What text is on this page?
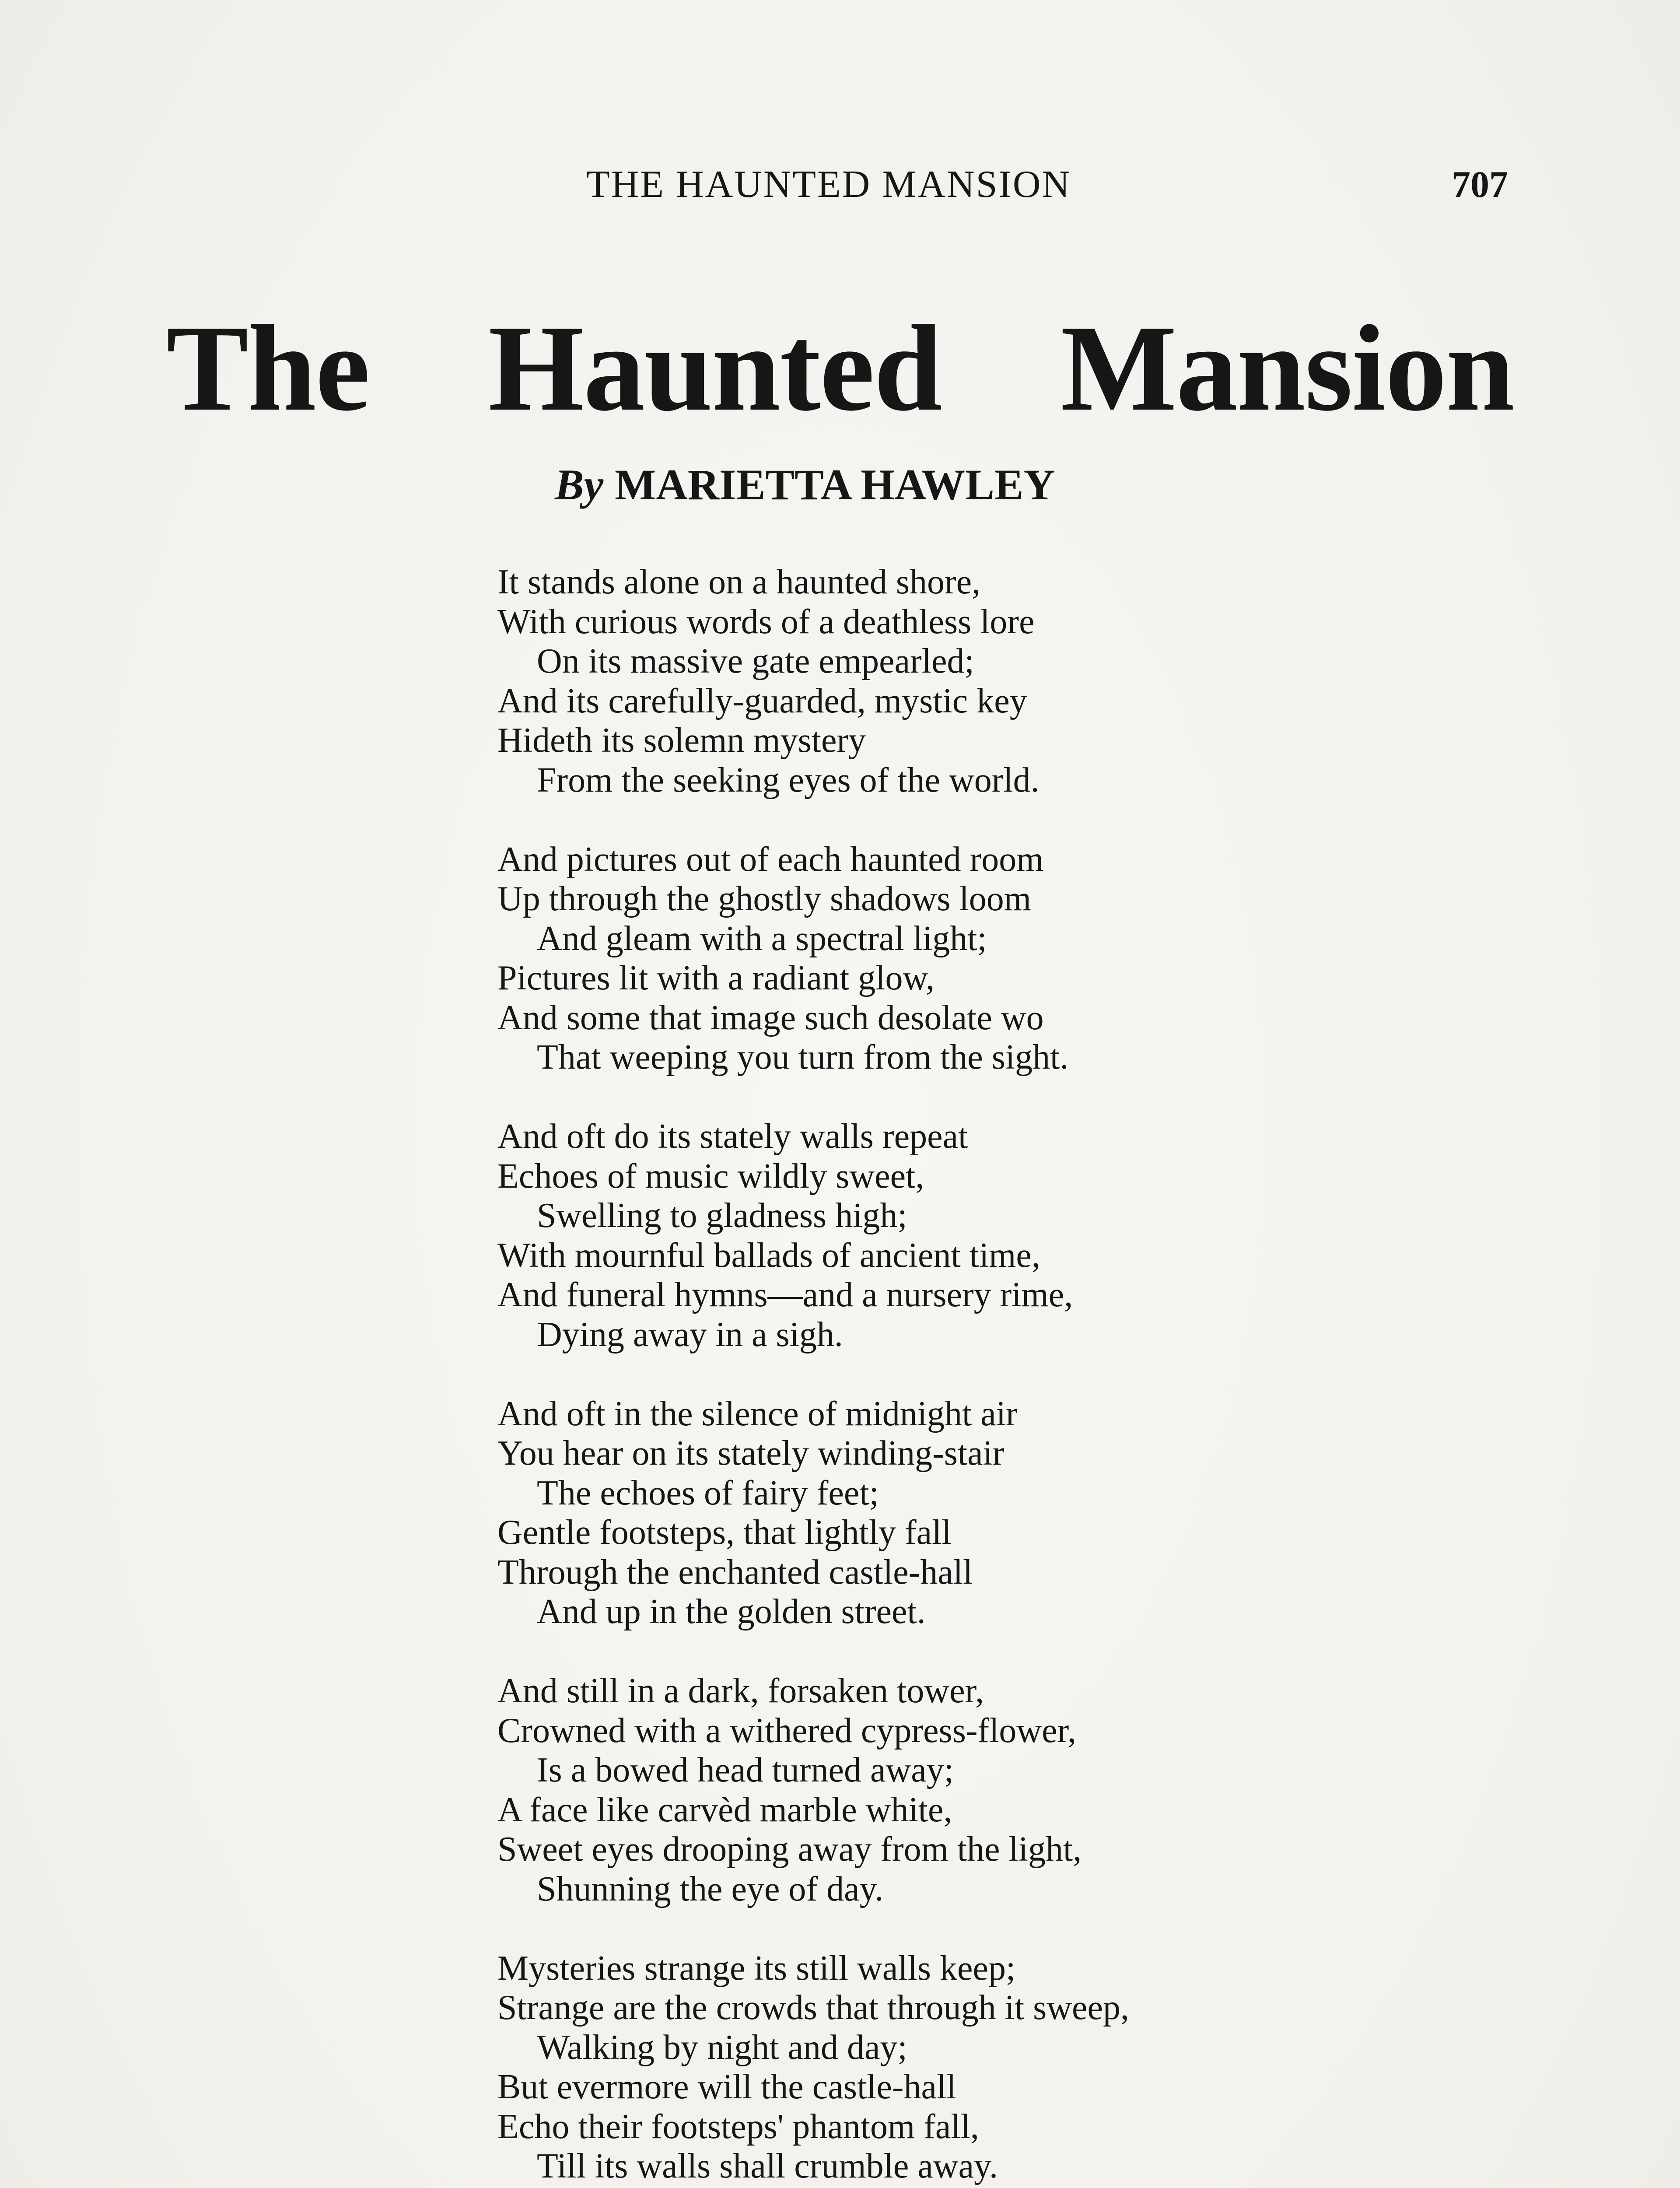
THE HAUNTED MANSION	707
The Haunted Mansion
By MARIETTA HAWLEY
It stands alone on a haunted shore,
With curious words of a deathless lore
On its massive gate empearled;
And its carefully-guarded, mystic key
Hideth its solemn mystery
From the seeking eyes of the world.
And pictures out of each haunted room
Up through the ghostly shadows loom
And gleam with a spectral light;
Pictures lit with a radiant glow,
And some that image such desolate wo
That weeping you turn from the sight.
And oft do its stately walls repeat
Echoes of music wildly sweet,
Swelling to gladness high;
With mournful ballads of ancient time,
And funeral hymns—and a nursery rime,
Dying away in a sigh.
And oft in the silence of midnight air
You hear on its stately winding-stair
The echoes of fairy feet;
Gentle footsteps, that lightly fall
Through the enchanted castle-hall
And up in the golden street.
And still in a dark, forsaken tower,
Crowned with a withered cypress-flower,
Is a bowed head turned away;
A face like carvèd marble white,
Sweet eyes drooping away from the light,
Shunning the eye of day.
Mysteries strange its still walls keep;
Strange are the crowds that through it sweep,
Walking by night and day;
But evermore will the castle-hall
Echo their footsteps' phantom fall,
Till its walls shall crumble away.
